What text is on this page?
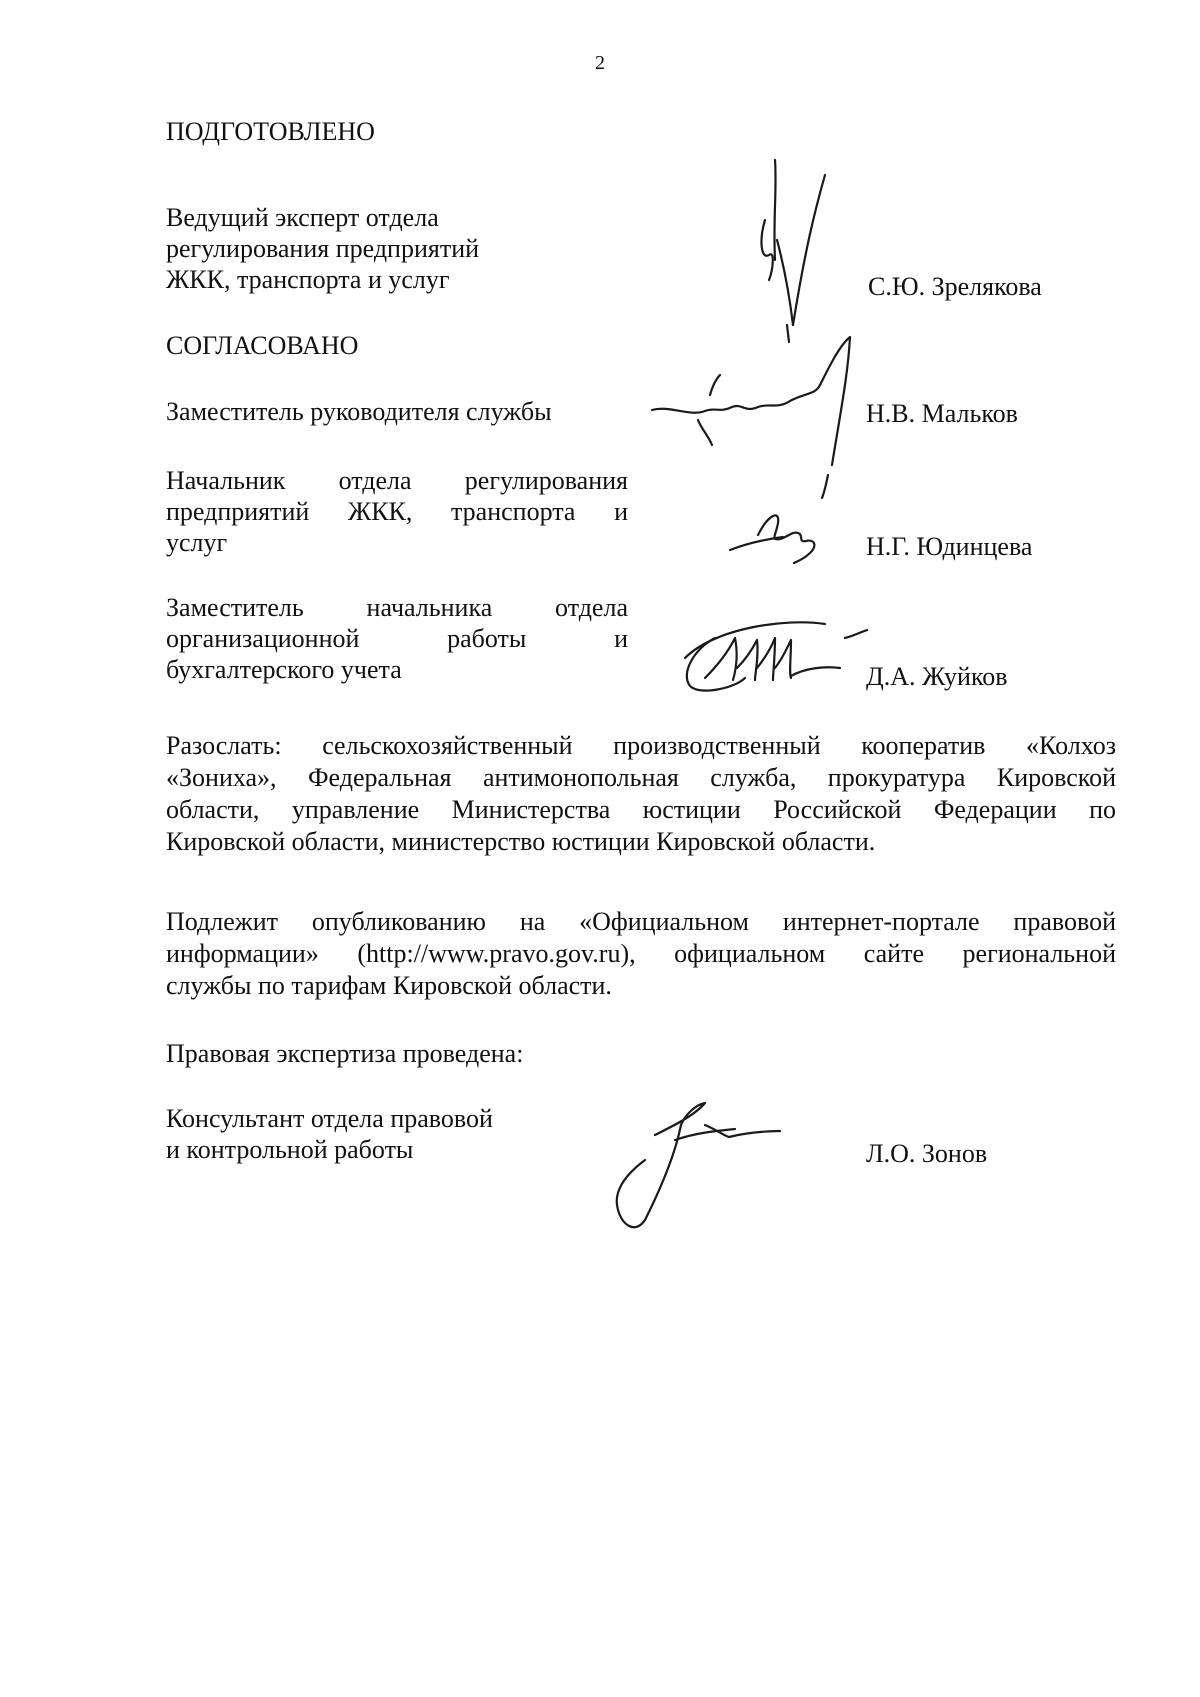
2
ПОДГОТОВЛЕНО
Ведущий эксперт отдела
регулирования предприятий
ЖКК, транспорта и услуг	С.Ю. Зрелякова
СОГЛАСОВАНО
Заместитель руководителя службы	Н.В. Мальков
Начальник отдела регулирования
предприятий ЖКК, транспорта и
услуг	Н.Г. Юдинцева
Заместитель начальника отдела
организационной работы и
бухгалтерского учета	Д.А. Жуйков
Разослать: сельскохозяйственный производственный кооператив «Колхоз
«Зониха», Федеральная антимонопольная служба, прокуратура Кировской
области, управление Министерства юстиции Российской Федерации по
Кировской области, министерство юстиции Кировской области.
Подлежит опубликованию на «Официальном интернет-портале правовой
информации» (http://www.pravo.gov.ru), официальном сайте региональной
службы по тарифам Кировской области.
Правовая экспертиза проведена:
Консультант отдела правовой
и контрольной работы	Л.О. Зонов
